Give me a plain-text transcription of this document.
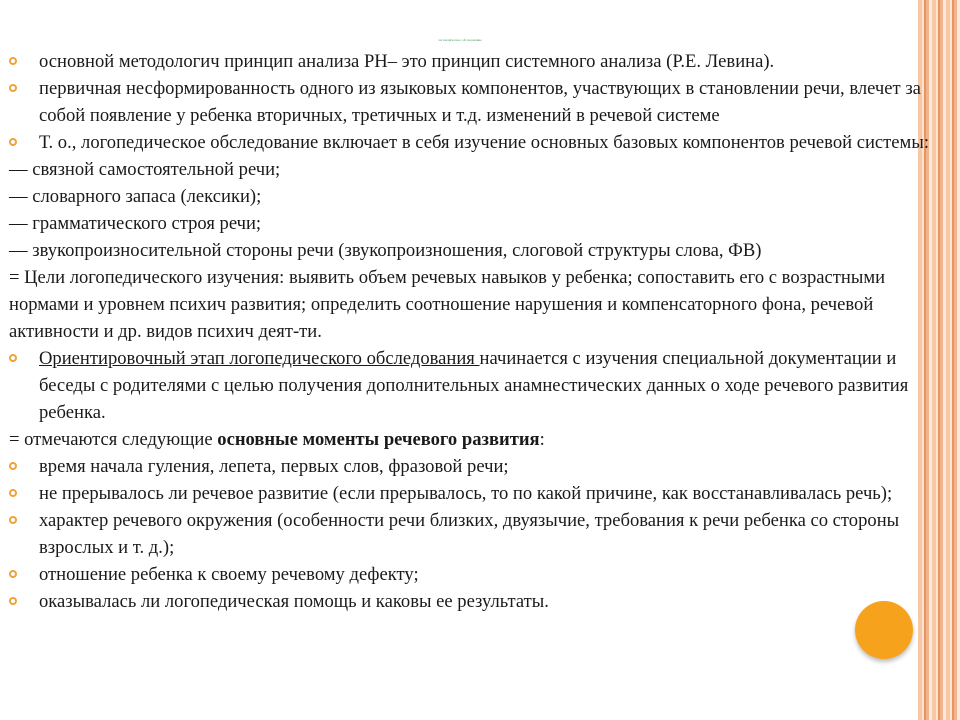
логопедическое обследование
основной методологич принцип анализа РН– это принцип системного анализа (Р.Е. Левина).
первичная несформированность одного из языковых компонентов, участвующих в становлении речи, влечет за собой появление у ребенка вторичных, третичных и т.д. изменений в речевой системе
Т. о., логопедическое обследование включает в себя изучение основных базовых компонентов речевой системы:
— связной самостоятельной речи;
— словарного запаса (лексики);
— грамматического строя речи;
— звукопроизносительной стороны речи (звукопроизношения, слоговой структуры слова, ФВ)
= Цели логопедического изучения: выявить объем речевых навыков у ребенка; сопоставить его с возрастными нормами и уровнем психич развития; определить соотношение нарушения и компенсаторного фона, речевой активности и др. видов психич деят-ти.
Ориентировочный этап логопедического обследования начинается с изучения специальной документации и беседы с родителями с целью получения дополнительных анамнестических данных о ходе речевого развития ребенка.
= отмечаются следующие основные моменты речевого развития:
время начала гуления, лепета, первых слов, фразовой речи;
не прерывалось ли речевое развитие (если прерывалось, то по какой причине, как восстанавливалась речь);
характер речевого окружения (особенности речи близких, двуязычие, требования к речи ребенка со стороны взрослых и т. д.);
отношение ребенка к своему речевому дефекту;
оказывалась ли логопедическая помощь и каковы ее результаты.
